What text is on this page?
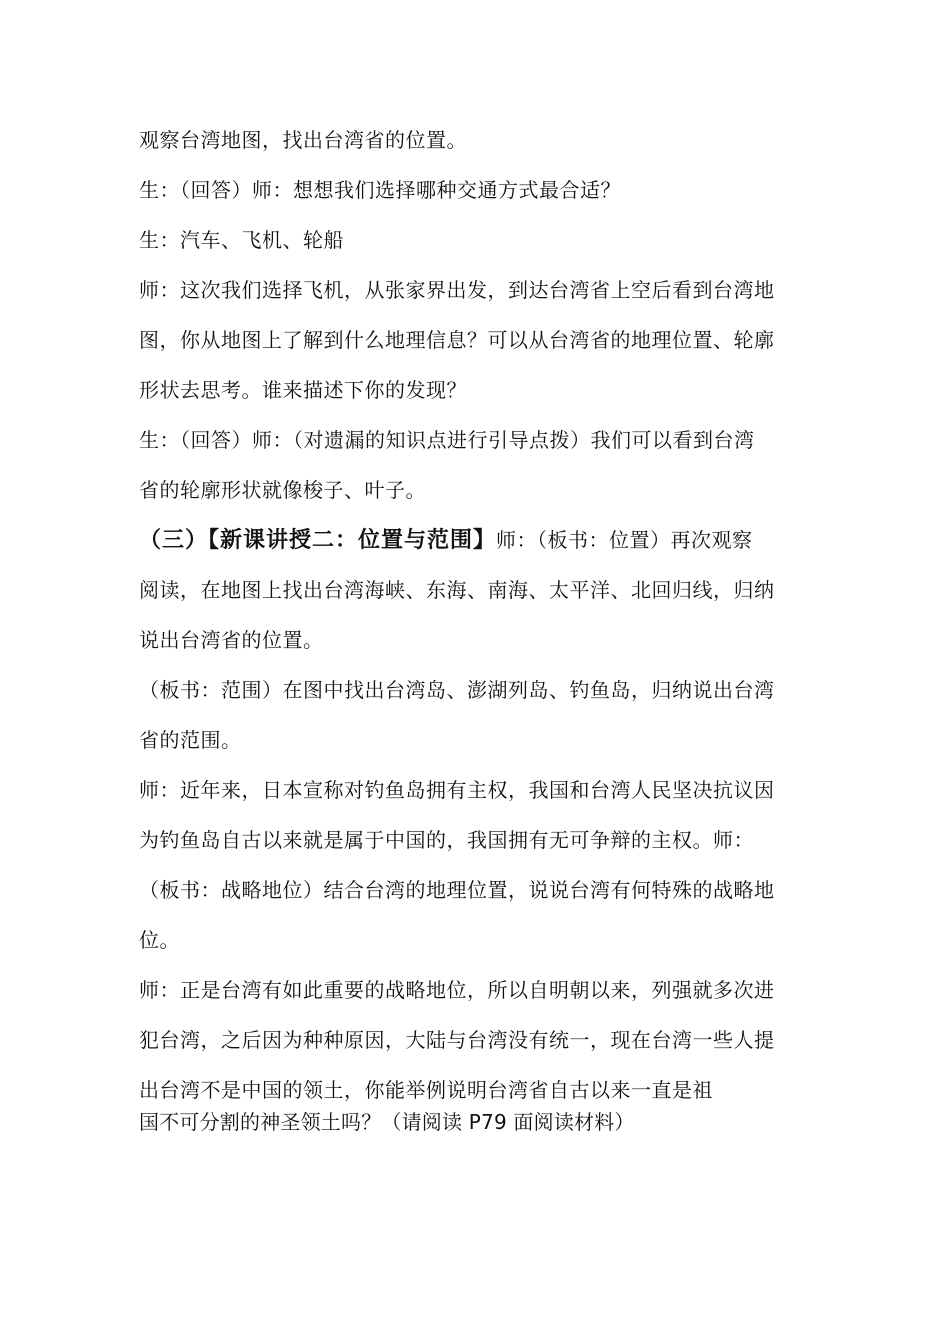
观察台湾地图，找出台湾省的位置。
生：（回答）师：想想我们选择哪种交通方式最合适？
生：汽车、飞机、轮船
师：这次我们选择飞机，从张家界出发，到达台湾省上空后看到台湾地
图，你从地图上了解到什么地理信息？可以从台湾省的地理位置、轮廓
形状去思考。谁来描述下你的发现？
生：（回答）师：（对遗漏的知识点进行引导点拨）我们可以看到台湾
省的轮廓形状就像梭子、叶子。
（三）【新课讲授二：位置与范围】师：（板书：位置）再次观察
阅读，在地图上找出台湾海峡、东海、南海、太平洋、北回归线，归纳
说出台湾省的位置。
（板书：范围）在图中找出台湾岛、澎湖列岛、钓鱼岛，归纳说出台湾
省的范围。
师：近年来，日本宣称对钓鱼岛拥有主权，我国和台湾人民坚决抗议因
为钓鱼岛自古以来就是属于中国的，我国拥有无可争辩的主权。师：
（板书：战略地位）结合台湾的地理位置，说说台湾有何特殊的战略地
位。
师：正是台湾有如此重要的战略地位，所以自明朝以来，列强就多次进
犯台湾，之后因为种种原因，大陆与台湾没有统一，现在台湾一些人提
出台湾不是中国的领土，你能举例说明台湾省自古以来一直是祖
国不可分割的神圣领土吗？（请阅读 P79 面阅读材料）
